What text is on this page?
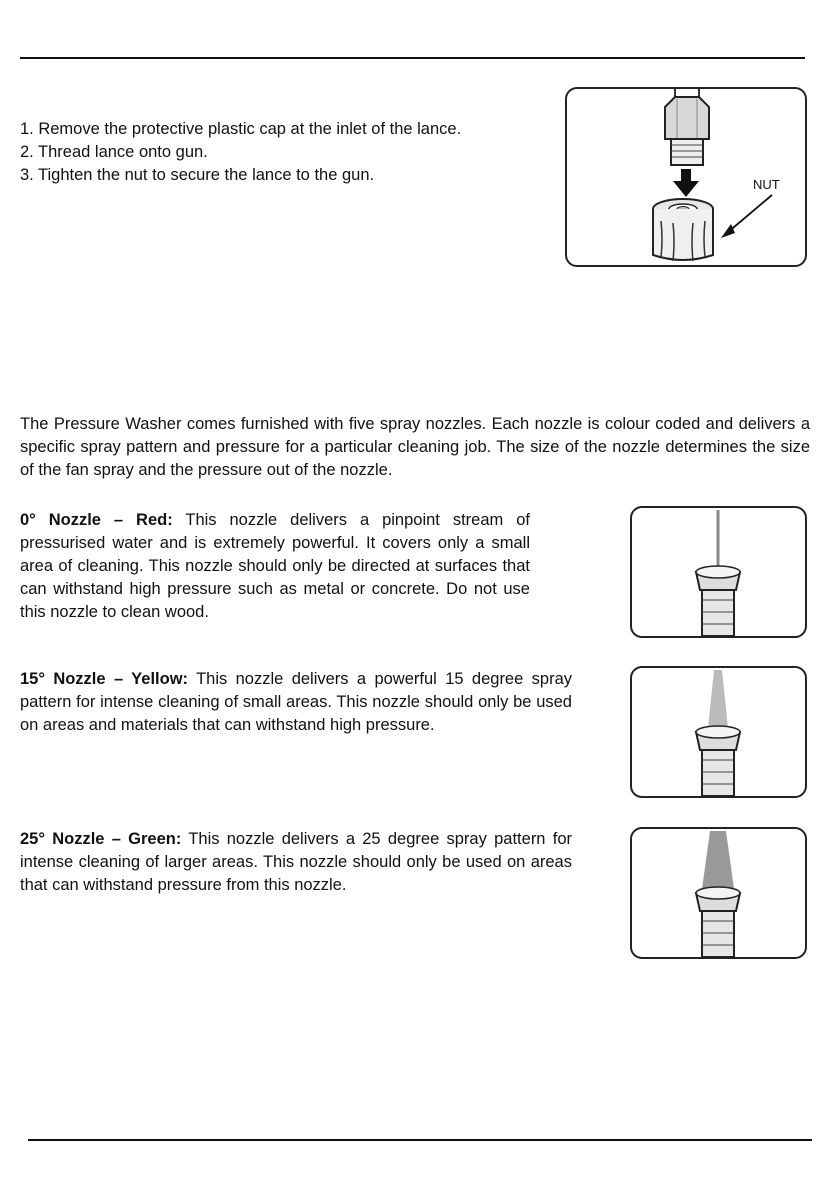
1. Remove the protective plastic cap at the inlet of the lance.
2. Thread lance onto gun.
3. Tighten the nut to secure the lance to the gun.
NUT
The Pressure Washer comes furnished with five spray nozzles. Each nozzle is colour coded and delivers a specific spray pattern and pressure for a particular cleaning job. The size of the nozzle determines the size of the fan spray and the pressure out of the nozzle.
0° Nozzle – Red: This nozzle delivers a pinpoint stream of pressurised water and is extremely powerful. It covers only a small area of cleaning. This nozzle should only be directed at surfaces that can withstand high pressure such as metal or concrete. Do not use this nozzle to clean wood.
15° Nozzle – Yellow: This nozzle delivers a powerful 15 degree spray pattern for intense cleaning of small areas. This nozzle should only be used on areas and materials that can withstand high pressure.
25° Nozzle – Green: This nozzle delivers a 25 degree spray pattern for intense cleaning of larger areas. This nozzle should only be used on areas that can withstand pressure from this nozzle.
